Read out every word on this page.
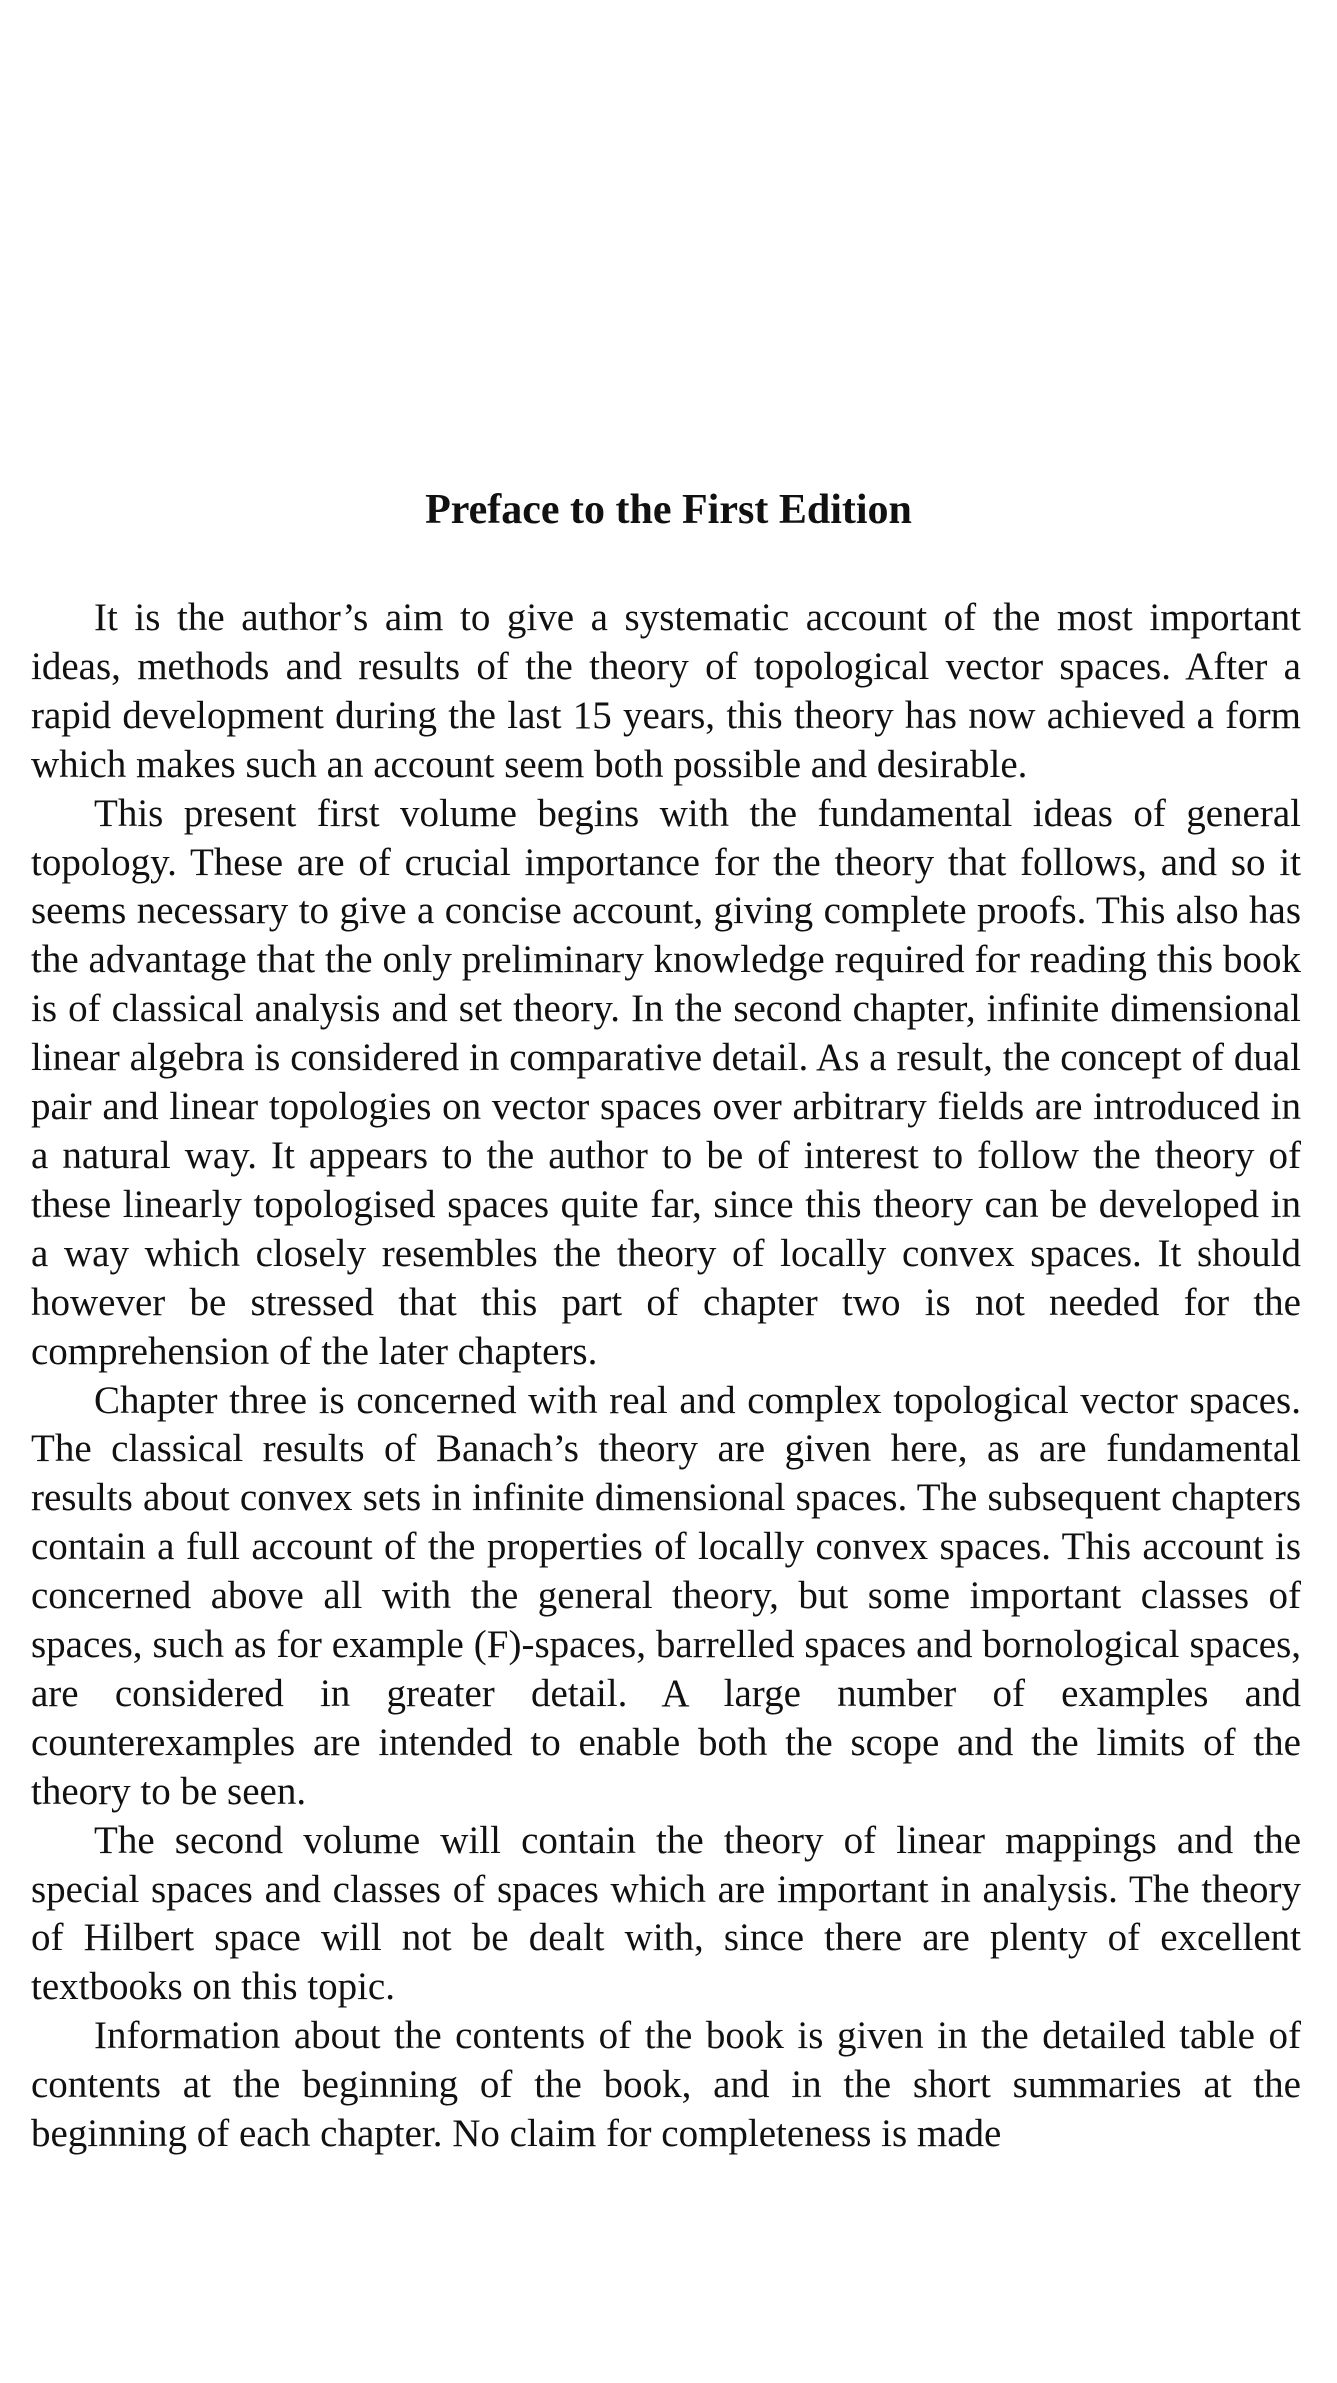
Preface to the First Edition

It is the author’s aim to give a systematic account of the most important ideas, methods and results of the theory of topological vector spaces. After a rapid development during the last 15 years, this theory has now achieved a form which makes such an account seem both possible and desirable.

This present first volume begins with the fundamental ideas of general topology. These are of crucial importance for the theory that follows, and so it seems necessary to give a concise account, giving complete proofs. This also has the advantage that the only preliminary knowledge required for reading this book is of classical analysis and set theory. In the second chapter, infinite dimensional linear algebra is considered in comparative detail. As a result, the concept of dual pair and linear topologies on vector spaces over arbitrary fields are introduced in a natural way. It appears to the author to be of interest to follow the theory of these linearly topologised spaces quite far, since this theory can be developed in a way which closely resembles the theory of locally convex spaces. It should however be stressed that this part of chapter two is not needed for the comprehension of the later chapters.

Chapter three is concerned with real and complex topological vector spaces. The classical results of Banach’s theory are given here, as are fundamental results about convex sets in infinite dimensional spaces. The subsequent chapters contain a full account of the properties of locally convex spaces. This account is concerned above all with the general theory, but some important classes of spaces, such as for example (F)-spaces, barrelled spaces and bornological spaces, are considered in greater detail. A large number of examples and counterexamples are intended to enable both the scope and the limits of the theory to be seen.

The second volume will contain the theory of linear mappings and the special spaces and classes of spaces which are important in analysis. The theory of Hilbert space will not be dealt with, since there are plenty of excellent textbooks on this topic.

Information about the contents of the book is given in the detailed table of contents at the beginning of the book, and in the short summaries at the beginning of each chapter. No claim for completeness is made
